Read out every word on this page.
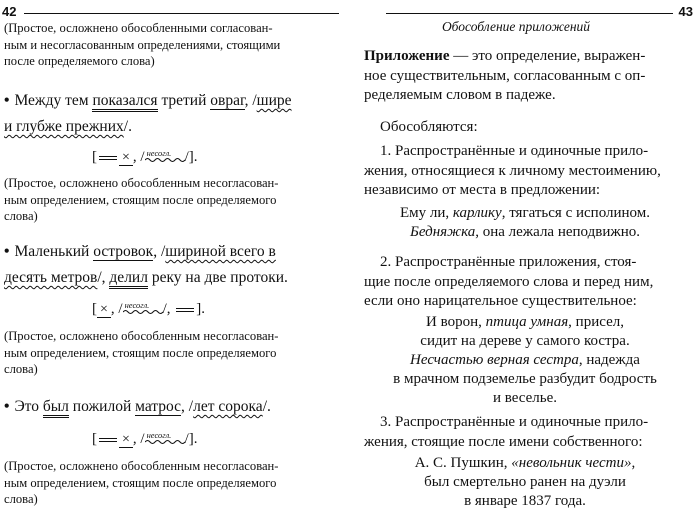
42
(Простое, осложнено обособленными согласован-
ным и несогласованным определениями, стоящими
после определяемого слова)
• Между тем показался третий овраг, /шире
и глубже прежних/.
[ × , / несогл. /].
(Простое, осложнено обособленным несогласован-
ным определением, стоящим после определяемого
слова)
• Маленький островок, /шириной всего в
десять метров/, делил реку на две протоки.
[ × , / несогл. /, ].
(Простое, осложнено обособленным несогласован-
ным определением, стоящим после определяемого
слова)
• Это был пожилой матрос, /лет сорока/.
[ × , / несогл. /].
(Простое, осложнено обособленным несогласован-
ным определением, стоящим после определяемого
слова)
43
Обособление приложений
Приложение — это определение, выражен-
ное существительным, согласованным с оп-
ределяемым словом в падеже.
Обособляются:
1. Распространённые и одиночные прило-
жения, относящиеся к личному местоимению,
независимо от места в предложении:
Ему ли, карлику, тягаться с исполином.
Бедняжка, она лежала неподвижно.
2. Распространённые приложения, стоя-
щие после определяемого слова и перед ним,
если оно нарицательное существительное:
И ворон, птица умная, присел,
сидит на дереве у самого костра.
Несчастью верная сестра, надежда
в мрачном подземелье разбудит бодрость
и веселье.
3. Распространённые и одиночные прило-
жения, стоящие после имени собственного:
А. С. Пушкин, «невольник чести»,
был смертельно ранен на дуэли
в январе 1837 года.
